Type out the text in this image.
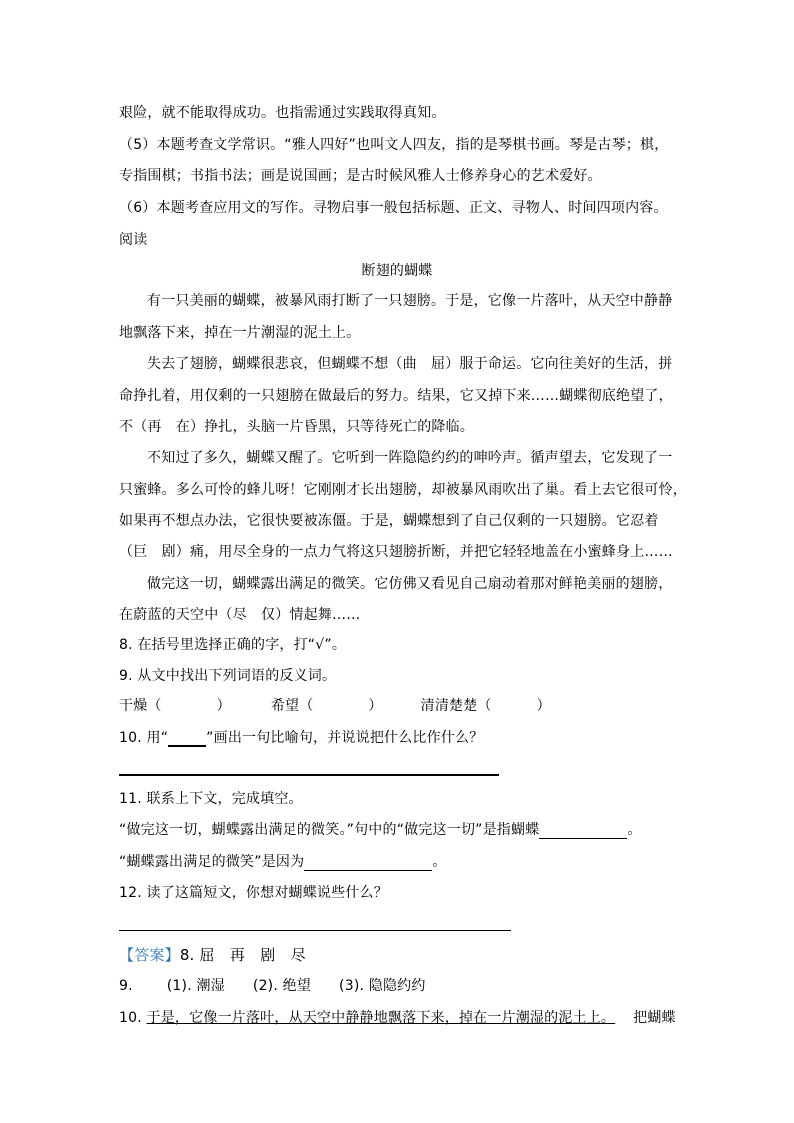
艰险，就不能取得成功。也指需通过实践取得真知。
（5）本题考查文学常识。“雅人四好”也叫文人四友，指的是琴棋书画。琴是古琴；棋，
专指围棋；书指书法；画是说国画；是古时候风雅人士修养身心的艺术爱好。
（6）本题考查应用文的写作。寻物启事一般包括标题、正文、寻物人、时间四项内容。
阅读
断翅的蝴蝶
有一只美丽的蝴蝶，被暴风雨打断了一只翅膀。于是，它像一片落叶，从天空中静静
地飘落下来，掉在一片潮湿的泥土上。
失去了翅膀，蝴蝶很悲哀，但蝴蝶不想（曲　屈）服于命运。它向往美好的生活，拼
命挣扎着，用仅剩的一只翅膀在做最后的努力。结果，它又掉下来……蝴蝶彻底绝望了，
不（再　在）挣扎，头脑一片昏黑，只等待死亡的降临。
不知过了多久，蝴蝶又醒了。它听到一阵隐隐约约的呻吟声。循声望去，它发现了一
只蜜蜂。多么可怜的蜂儿呀！它刚刚才长出翅膀，却被暴风雨吹出了巢。看上去它很可怜，
如果再不想点办法，它很快要被冻僵。于是，蝴蝶想到了自己仅剩的一只翅膀。它忍着
（巨　剧）痛，用尽全身的一点力气将这只翅膀折断，并把它轻轻地盖在小蜜蜂身上……
做完这一切，蝴蝶露出满足的微笑。它仿佛又看见自己扇动着那对鲜艳美丽的翅膀，
在蔚蓝的天空中（尽　仅）情起舞……
8. 在括号里选择正确的字，打“√”。
9. 从文中找出下列词语的反义词。
干燥（	）	希望（	）	清清楚楚（	）
10. 用“	”画出一句比喻句，并说说把什么比作什么？
11. 联系上下文，完成填空。
“做完这一切，蝴蝶露出满足的微笑。”句中的“做完这一切”是指蝴蝶	。
“蝴蝶露出满足的微笑”是因为	。
12. 读了这篇短文，你想对蝴蝶说些什么？
【答案】8. 屈　再　剧　尽
9. (1). 潮湿 (2). 绝望 (3). 隐隐约约
10. 于是，它像一片落叶，从天空中静静地飘落下来，掉在一片潮湿的泥土上。 把蝴蝶
